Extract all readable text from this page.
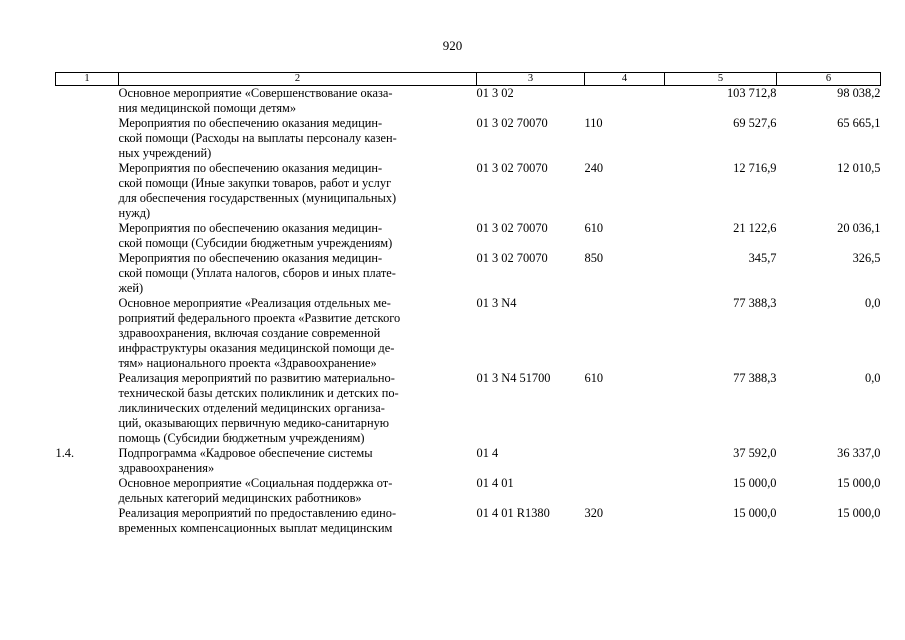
920
1	2	3	4	5	6

	Основное мероприятие «Совершенствование оказа-
ния медицинской помощи детям»	01 3 02		103 712,8	98 038,2

	Мероприятия по обеспечению оказания медицин-
ской помощи (Расходы на выплаты персоналу казен-
ных учреждений)	01 3 02 70070	110	69 527,6	65 665,1

	Мероприятия по обеспечению оказания медицин-
ской помощи (Иные закупки товаров, работ и услуг
для обеспечения государственных (муниципальных)
нужд)	01 3 02 70070	240	12 716,9	12 010,5

	Мероприятия по обеспечению оказания медицин-
ской помощи (Субсидии бюджетным учреждениям)	01 3 02 70070	610	21 122,6	20 036,1

	Мероприятия по обеспечению оказания медицин-
ской помощи (Уплата налогов, сборов и иных плате-
жей)	01 3 02 70070	850	345,7	326,5

	Основное мероприятие «Реализация отдельных ме-
роприятий федерального проекта «Развитие детского
здравоохранения, включая создание современной
инфраструктуры оказания медицинской помощи де-
тям» национального проекта «Здравоохранение»	01 3 N4		77 388,3	0,0

	Реализация мероприятий по развитию материально-
технической базы детских поликлиник и детских по-
ликлинических отделений медицинских организа-
ций, оказывающих первичную медико-санитарную
помощь (Субсидии бюджетным учреждениям)	01 3 N4 51700	610	77 388,3	0,0
1.4.	Подпрограмма «Кадровое обеспечение системы
здравоохранения»	01 4		37 592,0	36 337,0

	Основное мероприятие «Социальная поддержка от-
дельных категорий медицинских работников»	01 4 01		15 000,0	15 000,0

	Реализация мероприятий по предоставлению едино-
временных компенсационных выплат медицинским	01 4 01 R1380	320	15 000,0	15 000,0
